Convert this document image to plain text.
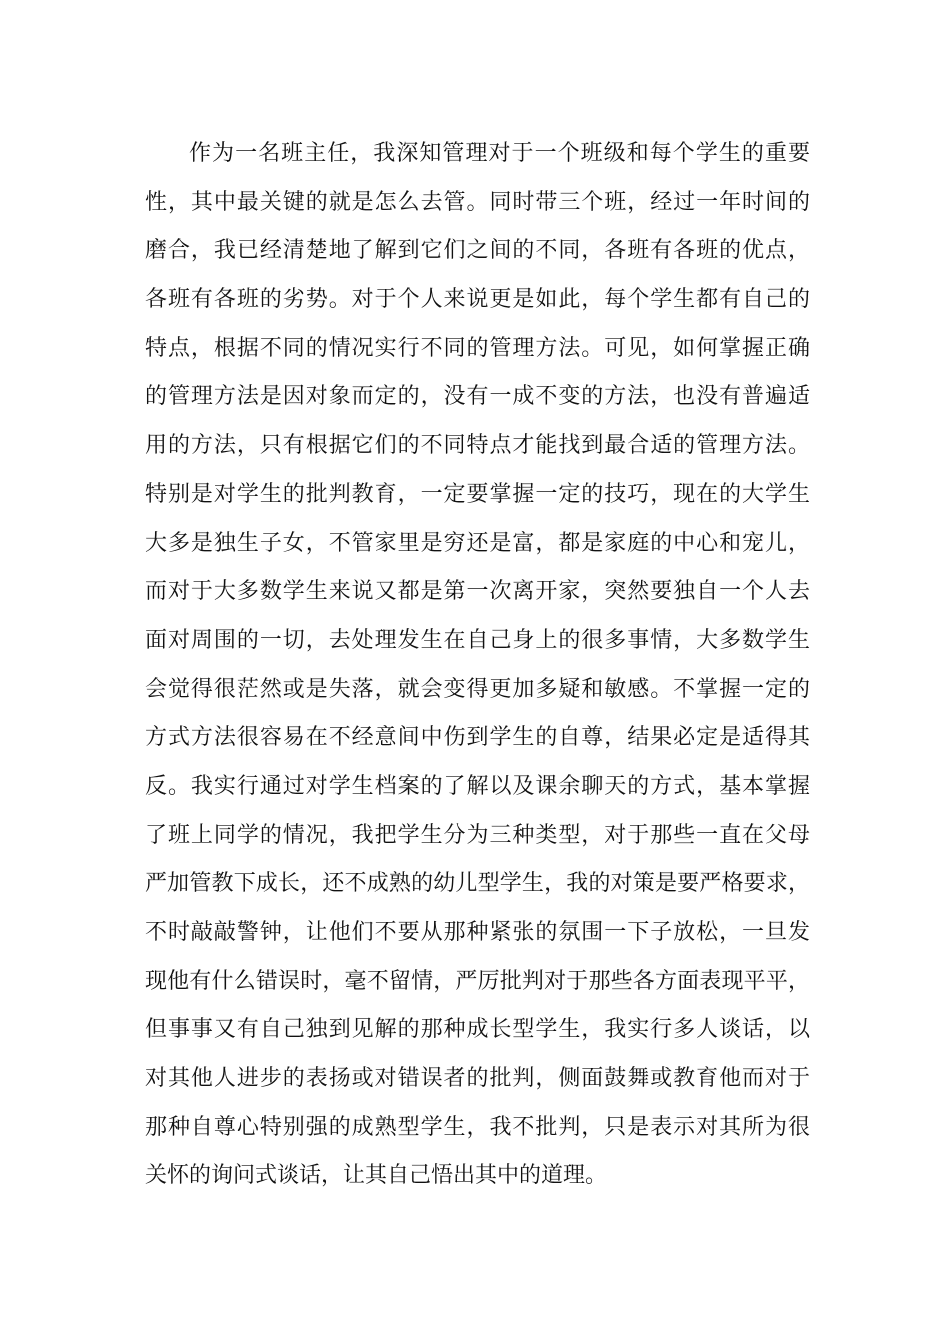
作为一名班主任，我深知管理对于一个班级和每个学生的重要
性，其中最关键的就是怎么去管。同时带三个班，经过一年时间的
磨合，我已经清楚地了解到它们之间的不同，各班有各班的优点，
各班有各班的劣势。对于个人来说更是如此，每个学生都有自己的
特点，根据不同的情况实行不同的管理方法。可见，如何掌握正确
的管理方法是因对象而定的，没有一成不变的方法，也没有普遍适
用的方法，只有根据它们的不同特点才能找到最合适的管理方法。
特别是对学生的批判教育，一定要掌握一定的技巧，现在的大学生
大多是独生子女，不管家里是穷还是富，都是家庭的中心和宠儿，
而对于大多数学生来说又都是第一次离开家，突然要独自一个人去
面对周围的一切，去处理发生在自己身上的很多事情，大多数学生
会觉得很茫然或是失落，就会变得更加多疑和敏感。不掌握一定的
方式方法很容易在不经意间中伤到学生的自尊，结果必定是适得其
反。我实行通过对学生档案的了解以及课余聊天的方式，基本掌握
了班上同学的情况，我把学生分为三种类型，对于那些一直在父母
严加管教下成长，还不成熟的幼儿型学生，我的对策是要严格要求，
不时敲敲警钟，让他们不要从那种紧张的氛围一下子放松，一旦发
现他有什么错误时，毫不留情，严厉批判对于那些各方面表现平平，
但事事又有自己独到见解的那种成长型学生，我实行多人谈话，以
对其他人进步的表扬或对错误者的批判，侧面鼓舞或教育他而对于
那种自尊心特别强的成熟型学生，我不批判，只是表示对其所为很
关怀的询问式谈话，让其自己悟出其中的道理。
